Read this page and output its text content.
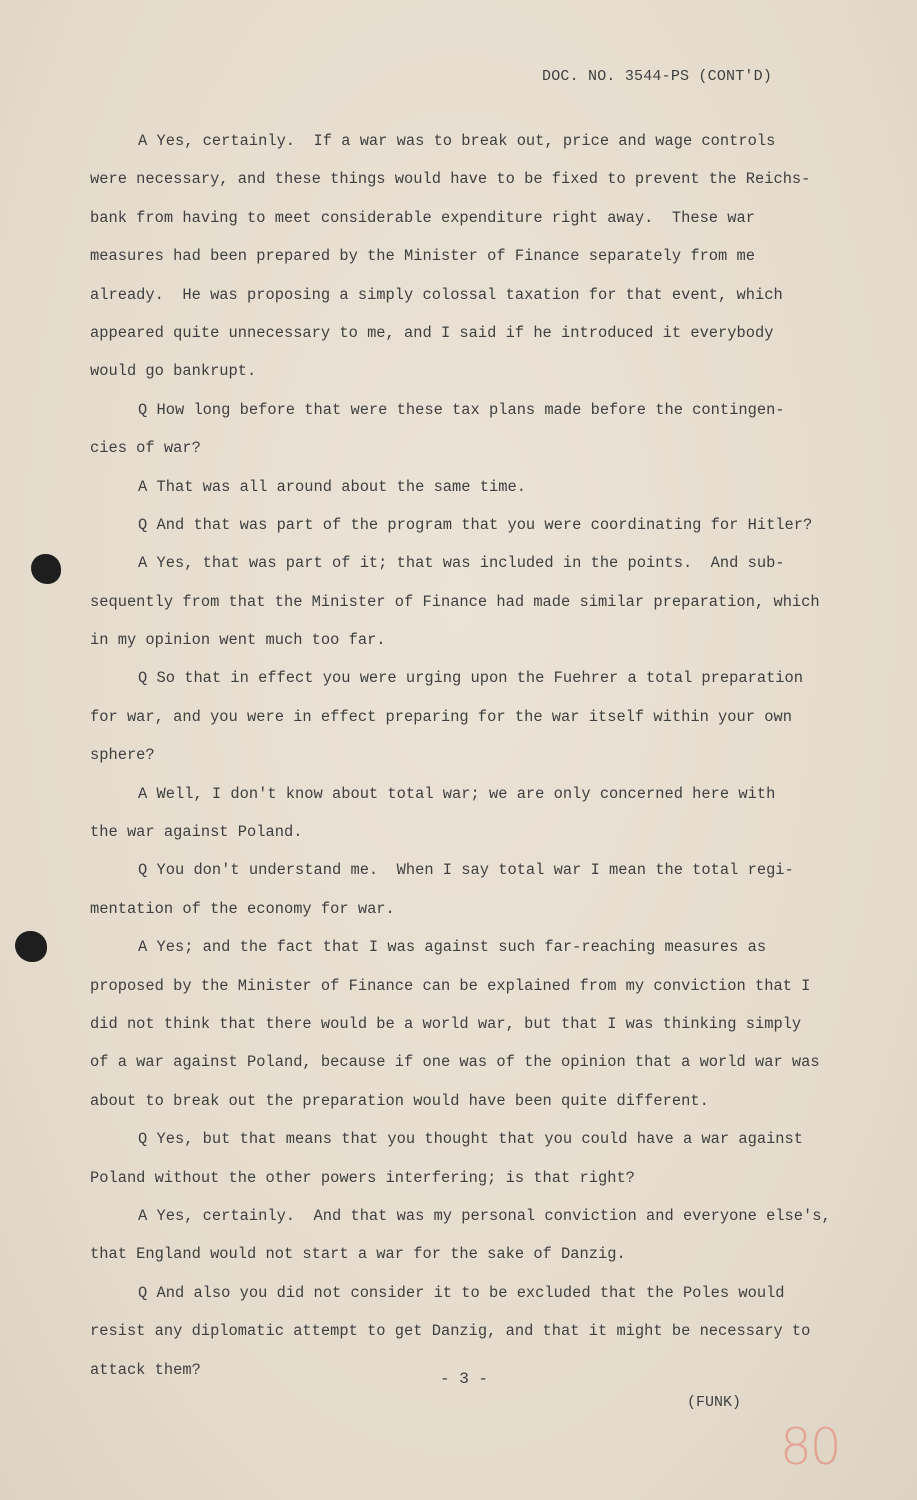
DOC. NO. 3544-PS (CONT'D)
A Yes, certainly.  If a war was to break out, price and wage controls
were necessary, and these things would have to be fixed to prevent the Reichs-
bank from having to meet considerable expenditure right away.  These war
measures had been prepared by the Minister of Finance separately from me
already.  He was proposing a simply colossal taxation for that event, which
appeared quite unnecessary to me, and I said if he introduced it everybody
would go bankrupt.
Q How long before that were these tax plans made before the contingen-
cies of war?
A That was all around about the same time.
Q And that was part of the program that you were coordinating for Hitler?
A Yes, that was part of it; that was included in the points.  And sub-
sequently from that the Minister of Finance had made similar preparation, which
in my opinion went much too far.
Q So that in effect you were urging upon the Fuehrer a total preparation
for war, and you were in effect preparing for the war itself within your own
sphere?
A Well, I don't know about total war; we are only concerned here with
the war against Poland.
Q You don't understand me.  When I say total war I mean the total regi-
mentation of the economy for war.
A Yes; and the fact that I was against such far-reaching measures as
proposed by the Minister of Finance can be explained from my conviction that I
did not think that there would be a world war, but that I was thinking simply
of a war against Poland, because if one was of the opinion that a world war was
about to break out the preparation would have been quite different.
Q Yes, but that means that you thought that you could have a war against
Poland without the other powers interfering; is that right?
A Yes, certainly.  And that was my personal conviction and everyone else's,
that England would not start a war for the sake of Danzig.
Q And also you did not consider it to be excluded that the Poles would
resist any diplomatic attempt to get Danzig, and that it might be necessary to
attack them?
- 3 -
(FUNK)
80
